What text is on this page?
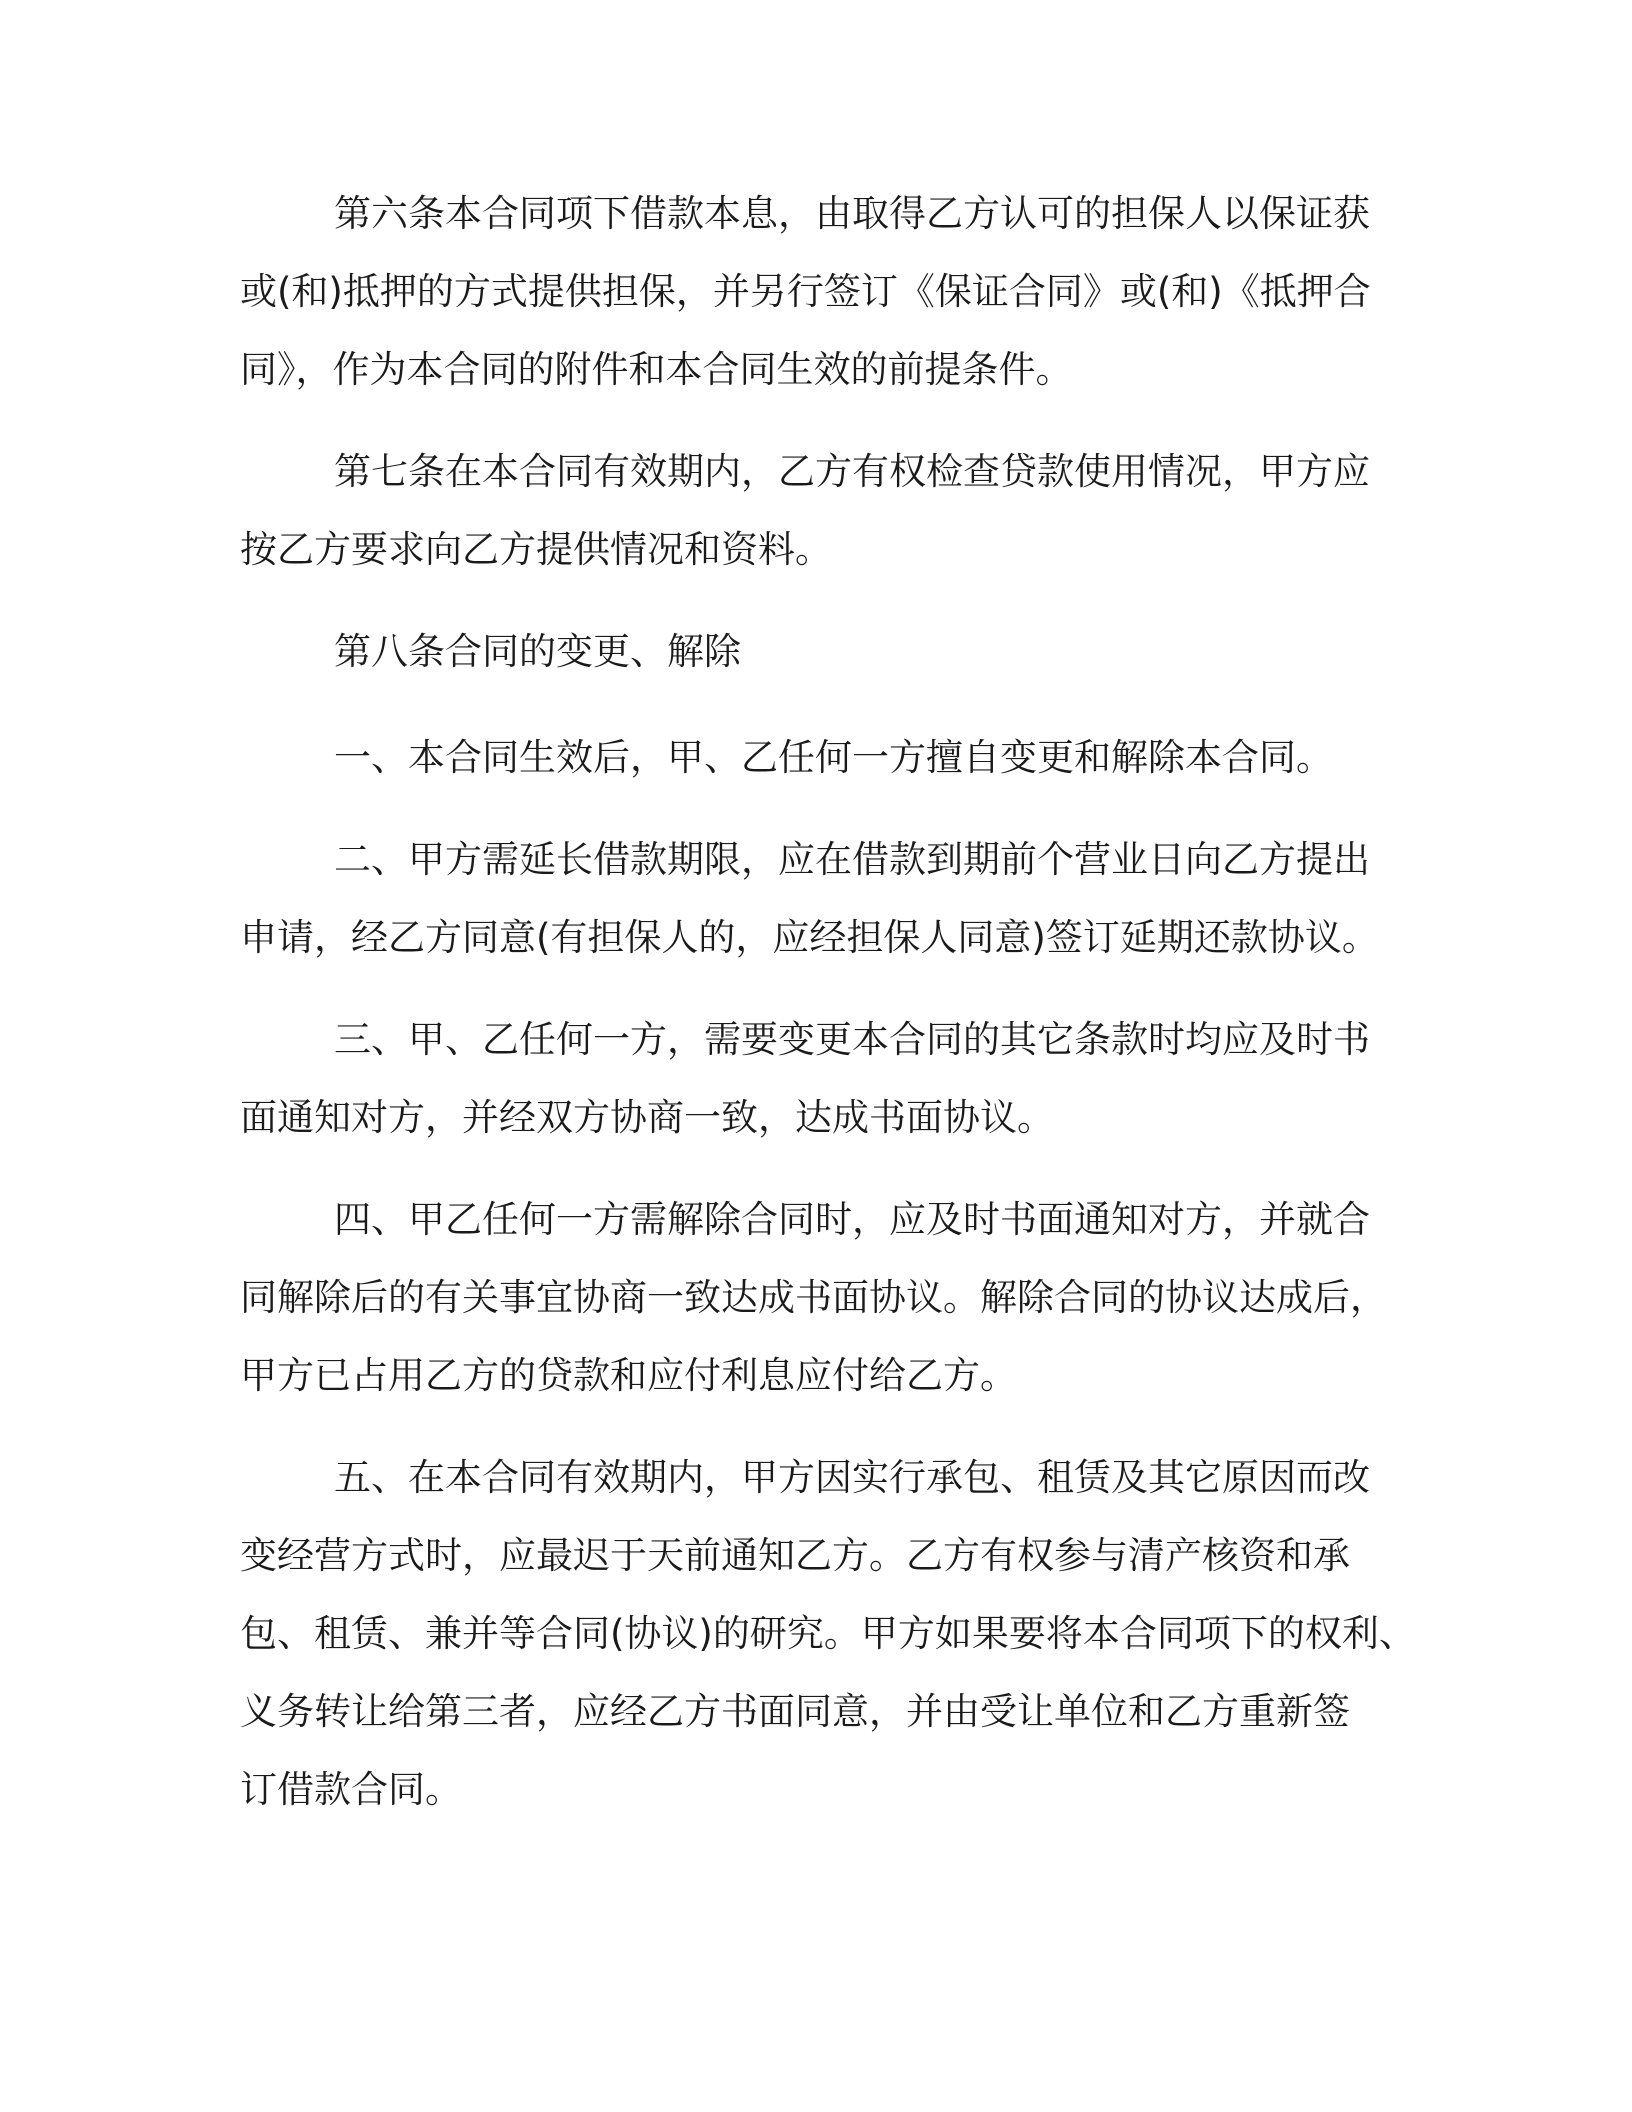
第六条本合同项下借款本息，由取得乙方认可的担保人以保证获

或(和)抵押的方式提供担保，并另行签订《保证合同》或(和)《抵押合

同》，作为本合同的附件和本合同生效的前提条件。

第七条在本合同有效期内，乙方有权检查贷款使用情况，甲方应

按乙方要求向乙方提供情况和资料。

第八条合同的变更、解除

一、本合同生效后，甲、乙任何一方擅自变更和解除本合同。

二、甲方需延长借款期限，应在借款到期前个营业日向乙方提出

申请，经乙方同意(有担保人的，应经担保人同意)签订延期还款协议。

三、甲、乙任何一方，需要变更本合同的其它条款时均应及时书

面通知对方，并经双方协商一致，达成书面协议。

四、甲乙任何一方需解除合同时，应及时书面通知对方，并就合

同解除后的有关事宜协商一致达成书面协议。解除合同的协议达成后，

甲方已占用乙方的贷款和应付利息应付给乙方。

五、在本合同有效期内，甲方因实行承包、租赁及其它原因而改

变经营方式时，应最迟于天前通知乙方。乙方有权参与清产核资和承

包、租赁、兼并等合同(协议)的研究。甲方如果要将本合同项下的权利、

义务转让给第三者，应经乙方书面同意，并由受让单位和乙方重新签

订借款合同。
